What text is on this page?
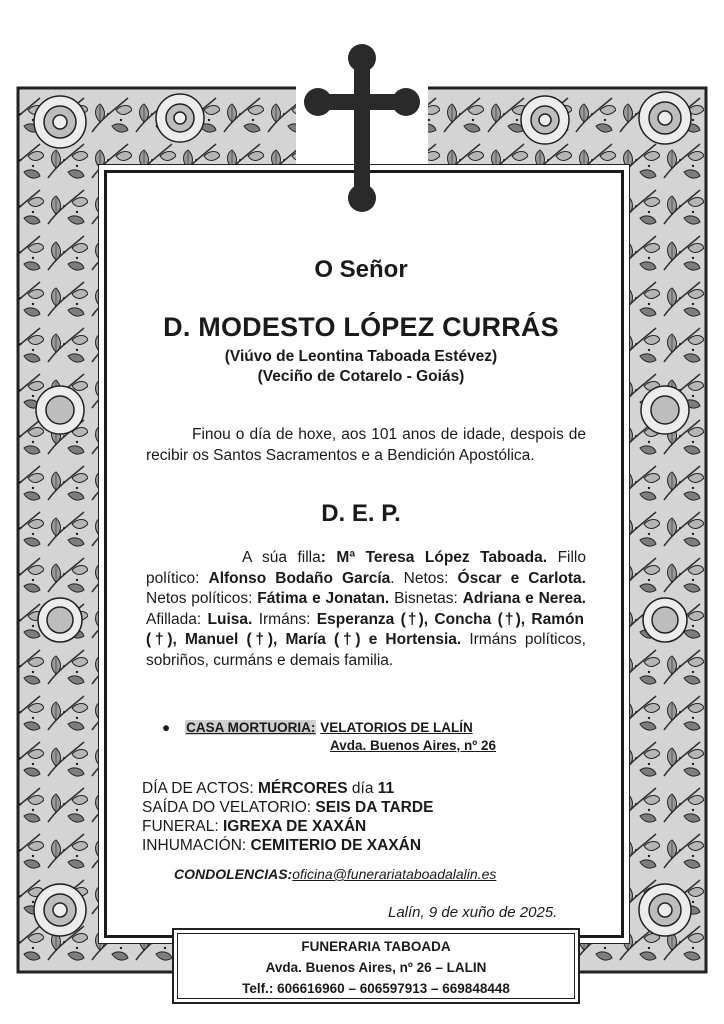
O Señor
D. MODESTO LÓPEZ CURRÁS
(Viúvo de Leontina Taboada Estévez)
(Veciño de Cotarelo - Goiás)
Finou o día de hoxe, aos 101 anos de idade, despois de recibir os Santos Sacramentos e a Bendición Apostólica.
D. E. P.
A súa filla: Mª Teresa López Taboada. Fillo político: Alfonso Bodaño García. Netos: Óscar e Carlota. Netos políticos: Fátima e Jonatan. Bisnetas: Adriana e Nerea. Afillada: Luisa. Irmáns: Esperanza (†), Concha (†), Ramón (†), Manuel (†), María (†) e Hortensia. Irmáns políticos, sobriños, curmáns e demais familia.
● CASA MORTUORIA: VELATORIOS DE LALÍN
Avda. Buenos Aires, nº 26
DÍA DE ACTOS: MÉRCORES día 11
SAÍDA DO VELATORIO: SEIS DA TARDE
FUNERAL: IGREXA DE XAXÁN
INHUMACIÓN: CEMITERIO DE XAXÁN
CONDOLENCIAS:oficina@funerariataboadalalin.es
Lalín, 9 de xuño de 2025.
FUNERARIA TABOADA
Avda. Buenos Aires, nº 26 – LALIN
Telf.: 606616960 – 606597913 – 669848448
